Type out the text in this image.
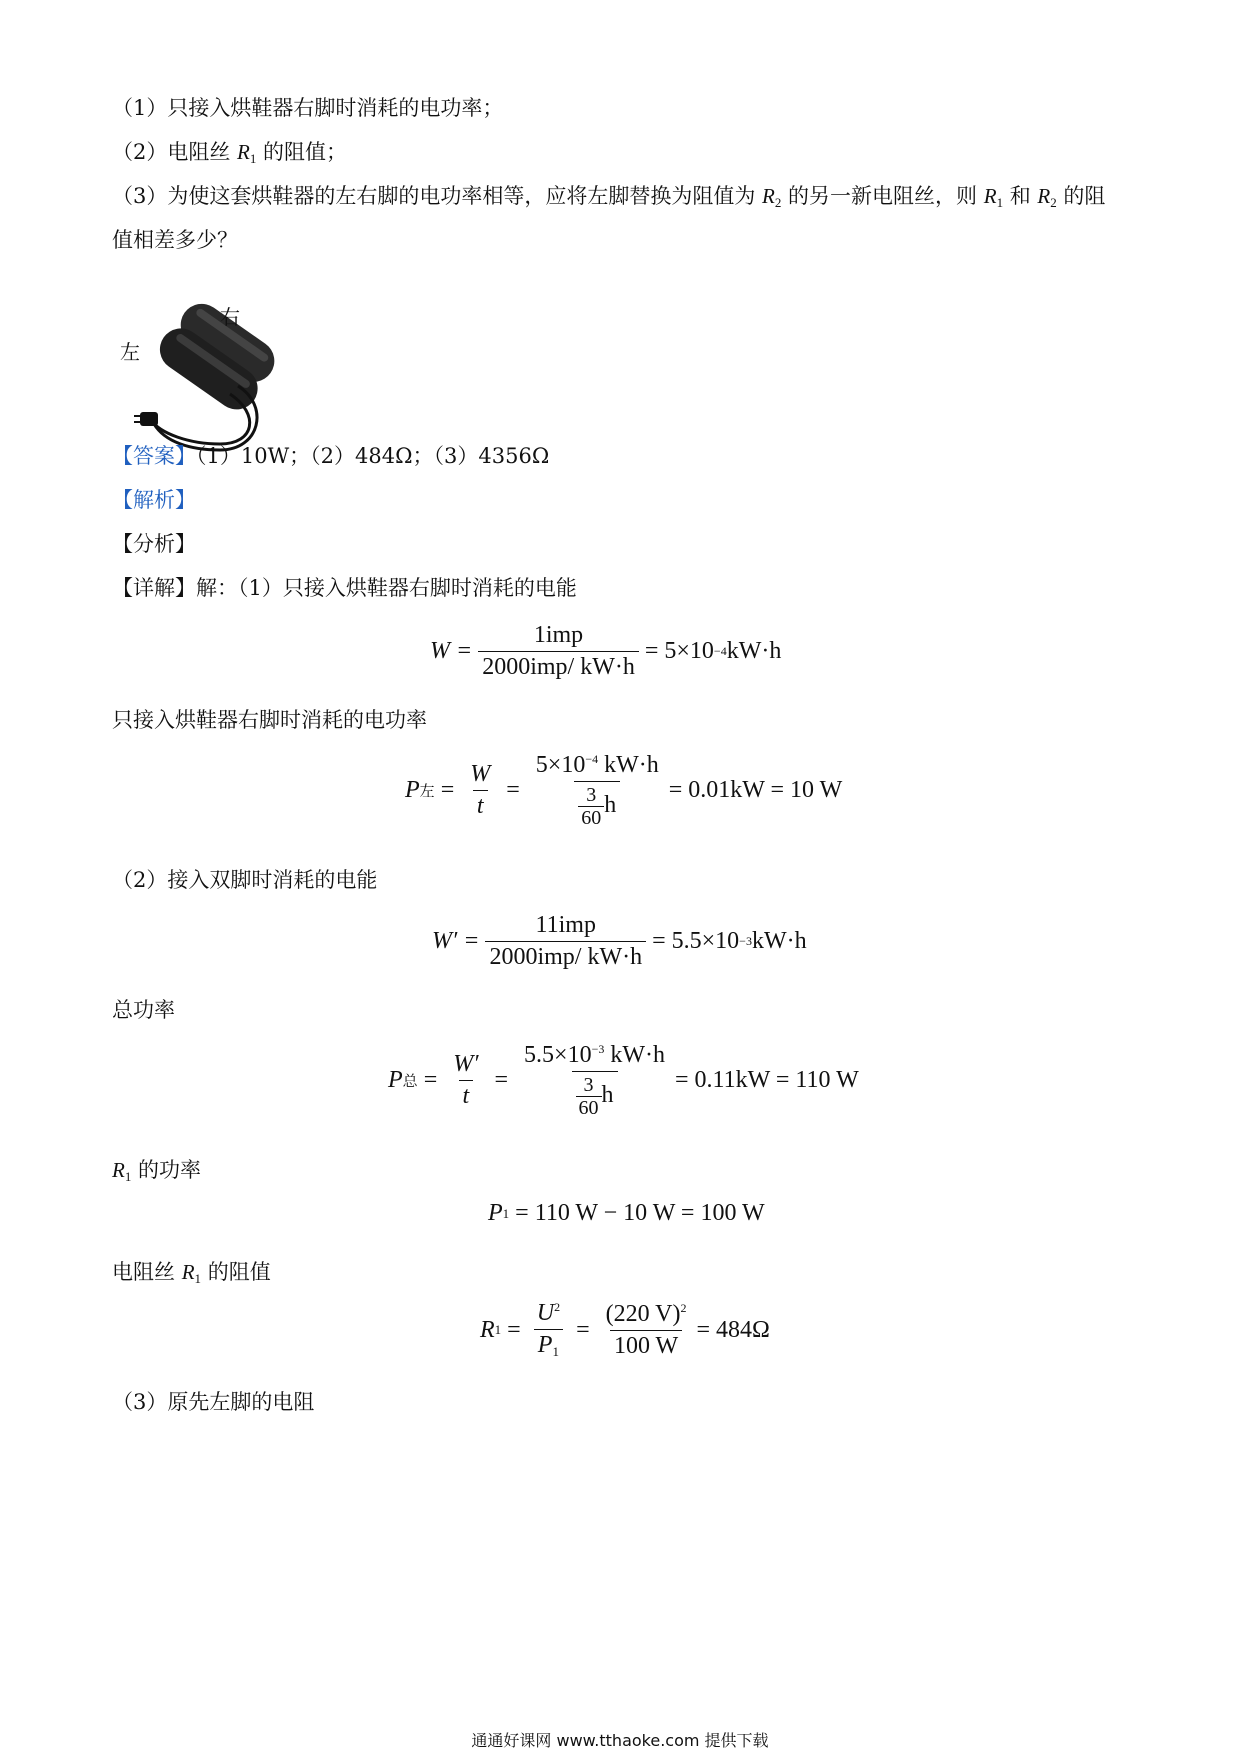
（1）只接入烘鞋器右脚时消耗的电功率；
（2）电阻丝 $R_1$ 的阻值；
（3）为使这套烘鞋器的左右脚的电功率相等，应将左脚替换为阻值为 $R_2$ 的另一新电阻丝，则 $R_1$ 和 $R_2$ 的阻
值相差多少？
右
左
【答案】（1）10W；（2）484Ω；（3）4356Ω
【解析】
【分析】
【详解】解：（1）只接入烘鞋器右脚时消耗的电能
$W = \frac{\text{1imp}}{\text{2000imp/ kW·h}} = 5\times 10 -4$ kW·h
只接入烘鞋器右脚时消耗的电功率
P 左 = $\frac{W}{t} = \frac{5\times 10^{-4} kW\cdot h}{\frac{3}{60} h} = 0.01kW = 10$ W
（2）接入双脚时消耗的电能
$W' = \frac{\text{11imp}}{\text{2000imp/ kW·h}} = 5.5\times 10 -3$ kW·h
总功率
P 总 = $\frac{W'}{t} = \frac{5.5\times 10^{-3} kW\cdot h}{\frac{3}{60} h} = 0.11kW = 110$ W
$R_1$ 的功率
P 1 = 110 W − 10 W = 100 W
电阻丝 $R_1$ 的阻值
R $1 = \frac{U^2}{P_1} = \frac{(220 V)^2}{100 W} = 484\Omega$
（3）原先左脚的电阻
通通好课网 www.tthaoke.com 提供下载
